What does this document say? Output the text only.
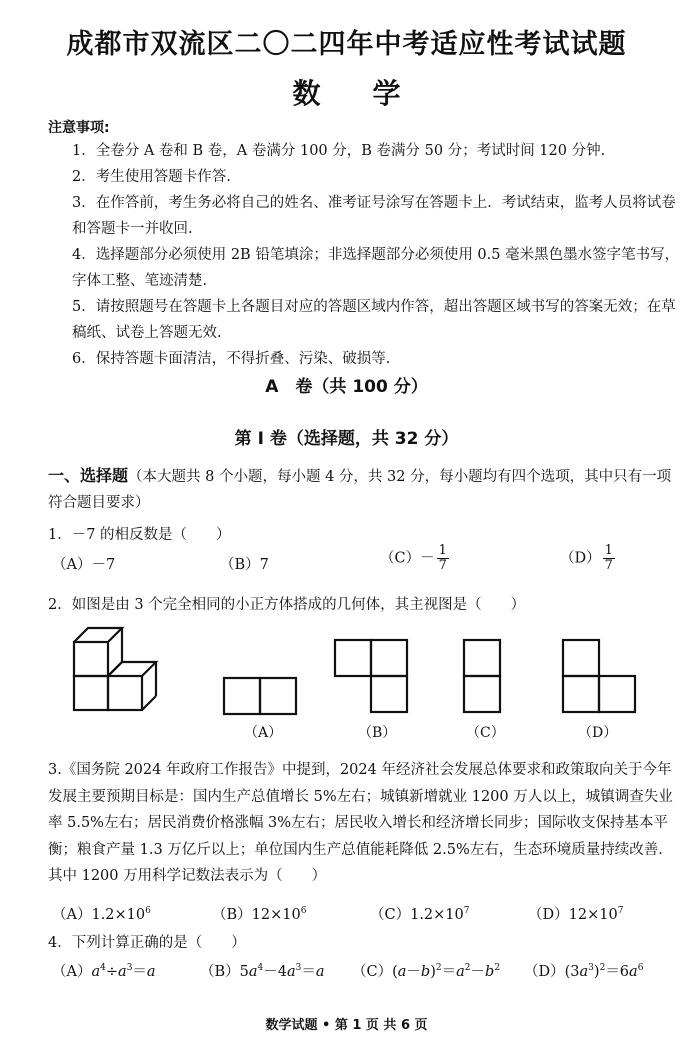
成都市双流区二〇二四年中考适应性考试试题
数 学
注意事项:
1．全卷分 A 卷和 B 卷，A 卷满分 100 分，B 卷满分 50 分；考试时间 120 分钟.
2．考生使用答题卡作答.
3．在作答前，考生务必将自己的姓名、准考证号涂写在答题卡上．考试结束，监考人员将试卷和答题卡一并收回.
4．选择题部分必须使用 2B 铅笔填涂；非选择题部分必须使用 0.5 毫米黑色墨水签字笔书写，字体工整、笔迹清楚.
5．请按照题号在答题卡上各题目对应的答题区域内作答，超出答题区域书写的答案无效；在草稿纸、试卷上答题无效.
6．保持答题卡面清洁，不得折叠、污染、破损等.
A　卷（共 100 分）
第 Ⅰ 卷（选择题，共 32 分）
一、选择题（本大题共 8 个小题，每小题 4 分，共 32 分，每小题均有四个选项，其中只有一项符合题目要求）
1．－7 的相反数是（　　）
（A）－7	（B）7	$(C)- \frac{1}{7}$	$(D) \frac{1}{7}$
2．如图是由 3 个完全相同的小正方体搭成的几何体，其主视图是（　　）
（A）	（B）	（C）	（D）
3.《国务院 2024 年政府工作报告》中提到，2024 年经济社会发展总体要求和政策取向关于今年发展主要预期目标是：国内生产总值增长 5%左右；城镇新增就业 1200 万人以上，城镇调查失业率 5.5%左右；居民消费价格涨幅 3%左右；居民收入增长和经济增长同步；国际收支保持基本平衡；粮食产量 1.3 万亿斤以上；单位国内生产总值能耗降低 2.5%左右，生态环境质量持续改善．其中 1200 万用科学记数法表示为（　　）
$(A)1.2\times 10^6$	$(B)12\times 10^6$	$(C)1.2\times 10^7$	$(D)12\times 10^7$
4．下列计算正确的是（　　）
$(A)a^4\div a^3=a$	$(B)5a^4-4a^3=a$ $(C)(a-b)^2=a^2-b^2$ $(D)(3a^3)^2=6a^6$
数学试题 • 第 1 页 共 6 页
